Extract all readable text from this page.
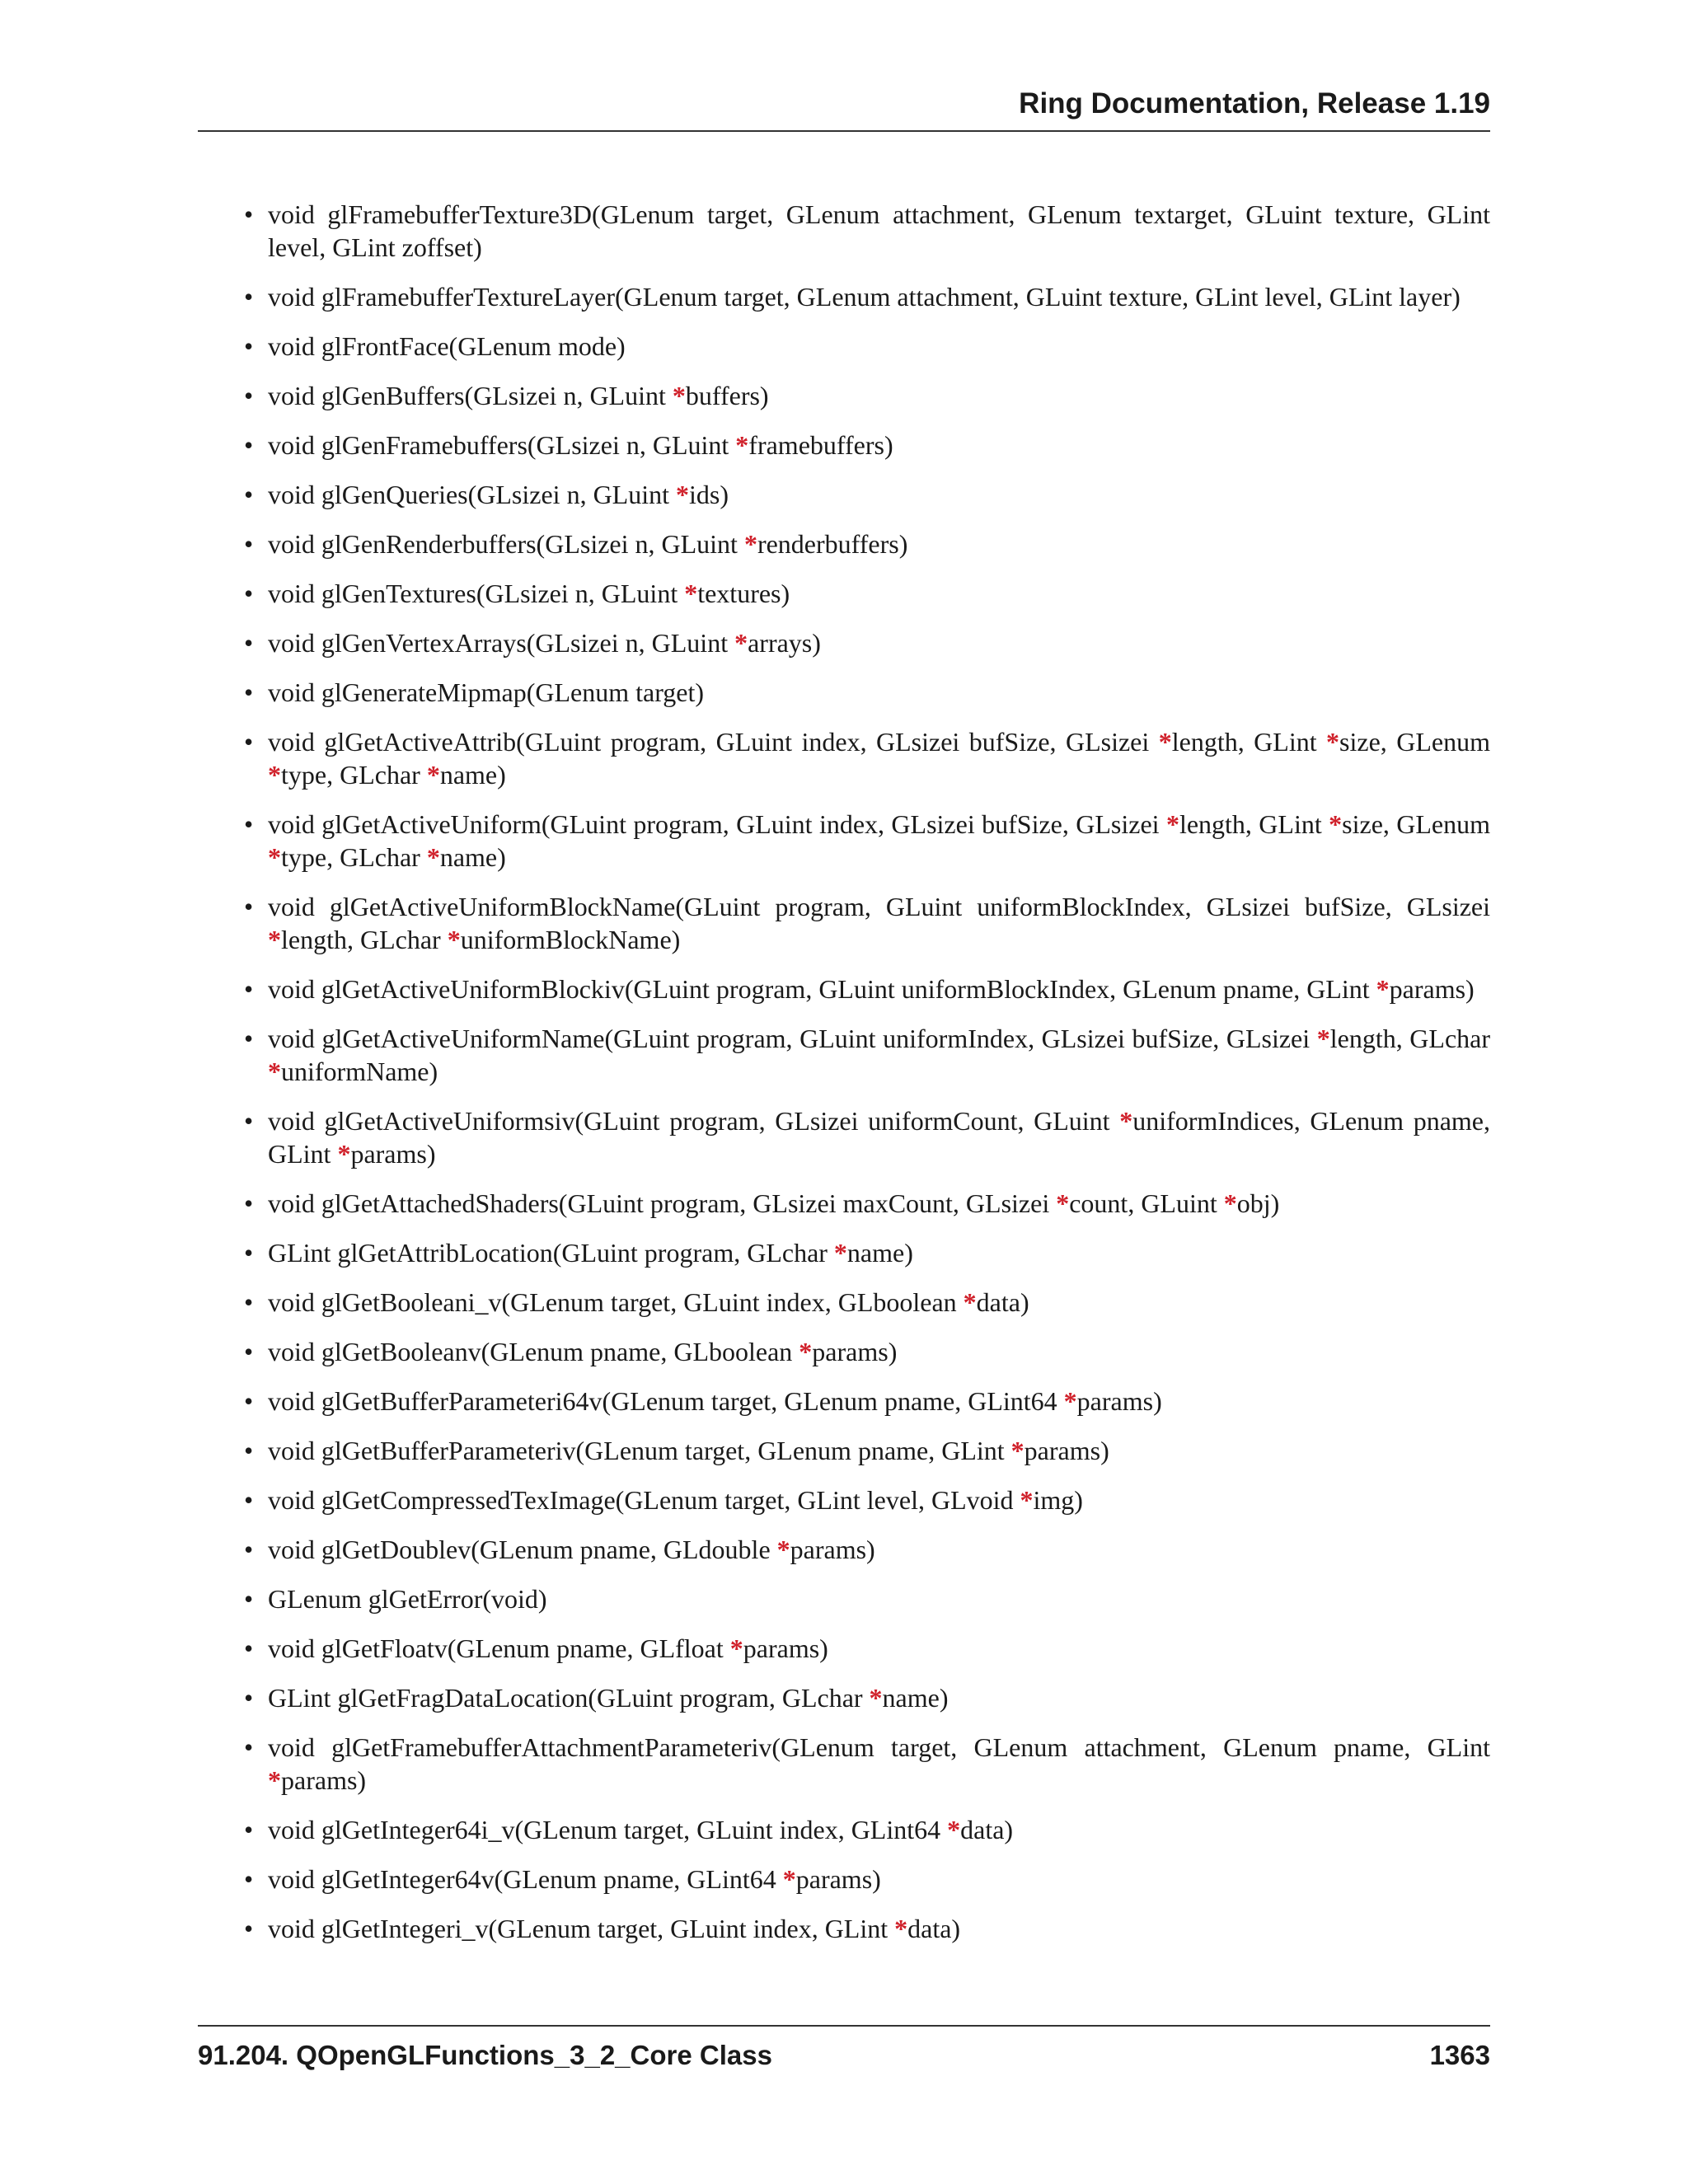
Ring Documentation, Release 1.19
• void glFramebufferTexture3D(GLenum target, GLenum attachment, GLenum textarget, GLuint texture, GLint level, GLint zoffset)
• void glFramebufferTextureLayer(GLenum target, GLenum attachment, GLuint texture, GLint level, GLint layer)
• void glFrontFace(GLenum mode)
• void glGenBuffers(GLsizei n, GLuint *buffers)
• void glGenFramebuffers(GLsizei n, GLuint *framebuffers)
• void glGenQueries(GLsizei n, GLuint *ids)
• void glGenRenderbuffers(GLsizei n, GLuint *renderbuffers)
• void glGenTextures(GLsizei n, GLuint *textures)
• void glGenVertexArrays(GLsizei n, GLuint *arrays)
• void glGenerateMipmap(GLenum target)
• void glGetActiveAttrib(GLuint program, GLuint index, GLsizei bufSize, GLsizei *length, GLint *size, GLenum *type, GLchar *name)
• void glGetActiveUniform(GLuint program, GLuint index, GLsizei bufSize, GLsizei *length, GLint *size, GLenum *type, GLchar *name)
• void glGetActiveUniformBlockName(GLuint program, GLuint uniformBlockIndex, GLsizei bufSize, GLsizei *length, GLchar *uniformBlockName)
• void glGetActiveUniformBlockiv(GLuint program, GLuint uniformBlockIndex, GLenum pname, GLint *params)
• void glGetActiveUniformName(GLuint program, GLuint uniformIndex, GLsizei bufSize, GLsizei *length, GLchar *uniformName)
• void glGetActiveUniformsiv(GLuint program, GLsizei uniformCount, GLuint *uniformIndices, GLenum pname, GLint *params)
• void glGetAttachedShaders(GLuint program, GLsizei maxCount, GLsizei *count, GLuint *obj)
• GLint glGetAttribLocation(GLuint program, GLchar *name)
• void glGetBooleani_v(GLenum target, GLuint index, GLboolean *data)
• void glGetBooleanv(GLenum pname, GLboolean *params)
• void glGetBufferParameteri64v(GLenum target, GLenum pname, GLint64 *params)
• void glGetBufferParameteriv(GLenum target, GLenum pname, GLint *params)
• void glGetCompressedTexImage(GLenum target, GLint level, GLvoid *img)
• void glGetDoublev(GLenum pname, GLdouble *params)
• GLenum glGetError(void)
• void glGetFloatv(GLenum pname, GLfloat *params)
• GLint glGetFragDataLocation(GLuint program, GLchar *name)
• void glGetFramebufferAttachmentParameteriv(GLenum target, GLenum attachment, GLenum pname, GLint *params)
• void glGetInteger64i_v(GLenum target, GLuint index, GLint64 *data)
• void glGetInteger64v(GLenum pname, GLint64 *params)
• void glGetIntegeri_v(GLenum target, GLuint index, GLint *data)
91.204. QOpenGLFunctions_3_2_Core Class	1363
